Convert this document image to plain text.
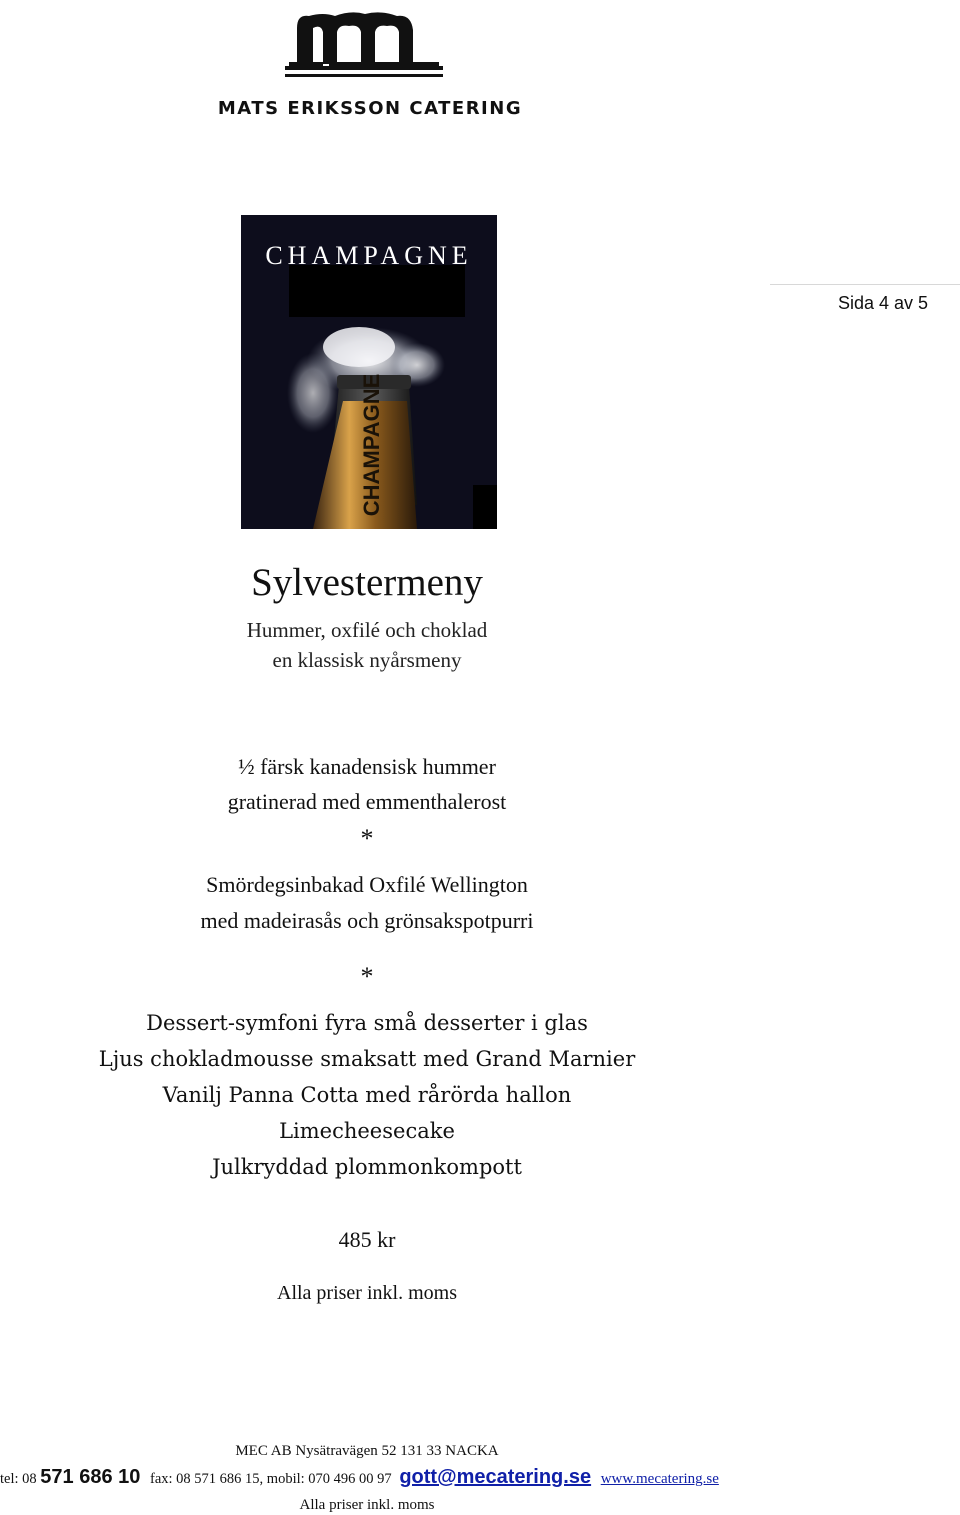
MATS ERIKSSON CATERING
Sida 4 av 5
CHAMPAGNE
CHAMPAGNE
Sylvestermeny
Hummer, oxfilé och choklad
en klassisk nyårsmeny
½ färsk kanadensisk hummer
gratinerad med emmenthalerost
*
Smördegsinbakad Oxfilé Wellington
med madeirasås och grönsakspotpurri
*
Dessert-symfoni fyra små desserter i glas
Ljus chokladmousse smaksatt med Grand Marnier
Vanilj Panna Cotta med rårörda hallon
Limecheesecake
Julkryddad plommonkompott
485 kr
Alla priser inkl. moms
MEC AB Nysätravägen 52 131 33 NACKA
tel: 08 571 686 10 fax: 08 571 686 15, mobil: 070 496 00 97 gott@mecatering.se www.mecatering.se
Alla priser inkl. moms
